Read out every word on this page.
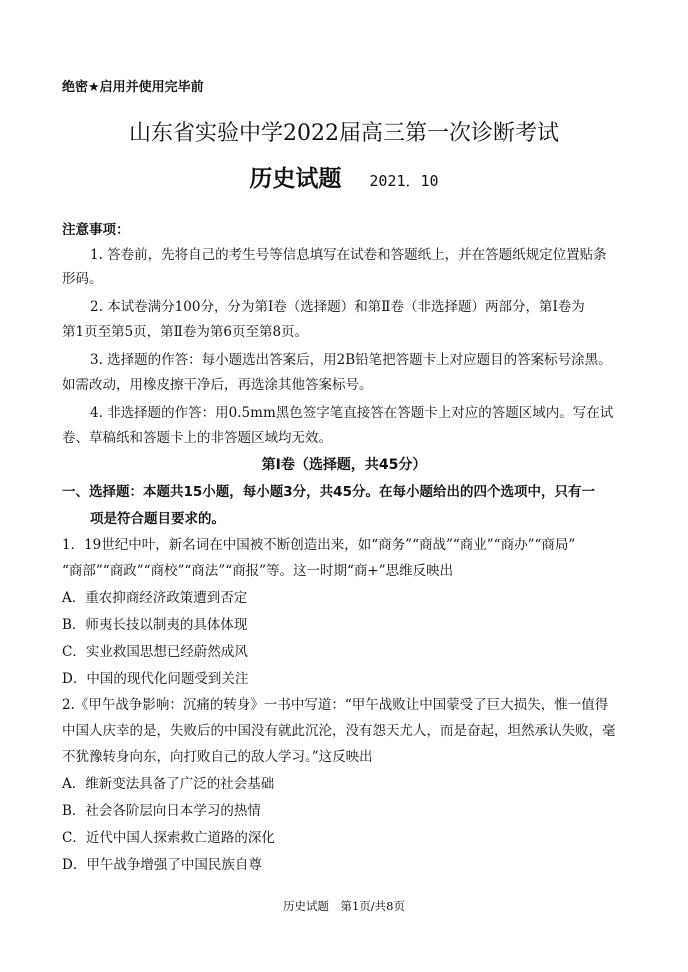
绝密★启用并使用完毕前
山东省实验中学2022届高三第一次诊断考试
历史试题 2021．10
注意事项：
1. 答卷前，先将自己的考生号等信息填写在试卷和答题纸上，并在答题纸规定位置贴条
形码。
2. 本试卷满分100分，分为第Ⅰ卷（选择题）和第Ⅱ卷（非选择题）两部分，第Ⅰ卷为
第1页至第5页，第Ⅱ卷为第6页至第8页。
3. 选择题的作答：每小题选出答案后，用2B铅笔把答题卡上对应题目的答案标号涂黑。
如需改动，用橡皮擦干净后，再选涂其他答案标号。
4. 非选择题的作答：用0.5mm黑色签字笔直接答在答题卡上对应的答题区域内。写在试
卷、草稿纸和答题卡上的非答题区域均无效。
第Ⅰ卷（选择题，共45分）
一、选择题：本题共15小题，每小题3分，共45分。在每小题给出的四个选项中，只有一
项是符合题目要求的。
1．19世纪中叶，新名词在中国被不断创造出来，如“商务”“商战”“商业”“商办”“商局”
“商部”“商政”“商校”“商法”“商报”等。这一时期“商+”思维反映出
A．重农抑商经济政策遭到否定
B．师夷长技以制夷的具体体现
C．实业救国思想已经蔚然成风
D．中国的现代化问题受到关注
2.《甲午战争影响：沉痛的转身》一书中写道：“甲午战败让中国蒙受了巨大损失，惟一值得
中国人庆幸的是，失败后的中国没有就此沉沦，没有怨天尤人，而是奋起，坦然承认失败，毫
不犹豫转身向东，向打败自己的敌人学习。”这反映出
A．维新变法具备了广泛的社会基础
B．社会各阶层向日本学习的热情
C．近代中国人探索救亡道路的深化
D．甲午战争增强了中国民族自尊
历史试题　第1页/共8页
